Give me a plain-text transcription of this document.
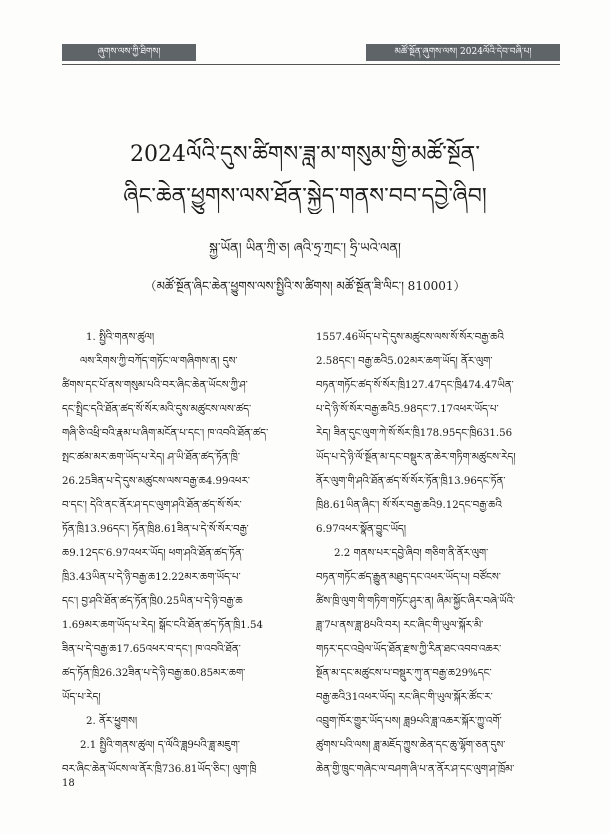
ཞུགས་ལས་ཀྱི་ཐིགས།	མཚོ་སྔོན་ཞུགས་ལས། 2024ལོའི་དེབ་བཞི་པ།
2024ལོའི་དུས་ཚིགས་ཟླ་མ་གསུམ་གྱི་མཚོ་སྔོན་
ཞིང་ཆེན་ཕྱུགས་ལས་ཐོན་སྐྱེད་གནས་བབ་དབྱེ་ཞིབ།
སྐྱ་ཡོན། ཡིན་ཀྲི་ཅ། ཞའི་ཧྲ་ཀྲང་། ཧྲི་ཡའེ་ལན།
（མཚོ་སྔོན་ཞིང་ཆེན་ཕྱུགས་ལས་སྤྱིའི་ས་ཚིགས། མཚོ་སྔོན་ཟི་ལིང་། 810001）
1. སྤྱིའི་གནས་ཚུལ།
ལས་རིགས་ཀྱི་བཀོད་གཏོང་ལ་གཞིགས་ན། དུས་
ཚིགས་དང་པོ་ནས་གསུམ་པའི་བར་ཞིང་ཆེན་ཡོངས་ཀྱི་ཤ་
དང་སྤྲིང་དའི་ཐོན་ཚད་སོ་སོར་མའི་དུས་མཚུངས་ལས་ཚད་
གཞི་ཅི་འཕྲི་བའི་རྣམ་པ་ཞིག་མངོན་པ་དང་། ཁ་འབའི་ཐོན་ཚད་
སྤང་ཚམ་མར་ཆག་ཡོད་པ་རེད། ཤ་ཡི་ཐོན་ཚད་ཏོན་ཁྲི་
26.25ཟིན་པ་དེ་དུས་མཚུངས་ལས་བརྒྱ་ཆ4.99འཕར་
བ་དང་། དེའི་ནང་ནོར་ཤ་དང་ལུག་ཤའི་ཐོན་ཚད་སོ་སོར་
ཏོན་ཁྲི13.96དང་། ཏོན་ཁྲི8.61ཟིན་པ་དེ་སོ་སོར་བརྒྱ་
ཆ9.12དང་6.97འཕར་ཡོད། ཕག་ཤའི་ཐོན་ཚད་ཏོན་
ཁྲི3.43ཡིན་པ་དེ་ཉི་བརྒྱ་ཆ12.22མར་ཆག་ཡོད་པ་
དང་། བྱ་ཤའི་ཐོན་ཚད་ཏོན་ཁྲི0.25ཡིན་པ་དེ་ཉི་བརྒྱ་ཆ
1.69མར་ཆག་ཡོད་པ་རེད། སྒོང་ངའི་ཐོན་ཚད་ཏོན་ཁྲི1.54
ཟིན་པ་དེ་བརྒྱ་ཆ17.65འཕར་བ་དང་། ཁ་འབའི་ཐོན་
ཚད་ཏོན་ཁྲི26.32ཟིན་པ་དེ་ཉི་བརྒྱ་ཆ0.85མར་ཆག་
ཡོད་པ་རེད།
2. ནོར་ཕྱུགས།
2.1 སྤྱིའི་གནས་ཚུལ། ད་ལོའི་ཟླ9པའི་ཟླ་མཇུག་
བར་ཞིང་ཆེན་ཡོངས་ལ་ནོར་ཁྲི736.81ཡོད་ཅིང་། ལུག་ཁྲི
1557.46ཡོད་པ་དེ་དུས་མཚུངས་ལས་སོ་སོར་བརྒྱ་ཆའི
2.58དང་། བརྒྱ་ཆའི5.02མར་ཆག་ཡོད། ནོར་ལུག་
བཏན་གཏོང་ཚད་སོ་སོར་ཁྲི127.47དང་ཁྲི474.47ཡིན་
པ་དེ་ཉི་སོ་སོར་བརྒྱ་ཆའི5.98དང་7.17འཕར་ཡོད་པ་
རེད། ཟིན་དུང་ལུག་ཀེ་སོ་སོར་ཁྲི178.95དང་ཁྲི631.56
ཡོད་པ་དེ་ཉི་ལོ་སྔོན་མ་དང་བསྡུར་ན་ཆེར་གཏིག་མཚུངས་རེད།
ནོར་ལུག་གི་ཤའི་ཐོན་ཚད་སོ་སོར་ཏོན་ཁྲི13.96དང་ཏོན་
ཁྲི8.61ཡིན་ཞིང་། སོ་སོར་བརྒྱ་ཆའི9.12དང་བརྒྱ་ཆའི
6.97འཕར་སྣོན་བྱུང་ཡོད།
2.2 གནས་པར་དབྱེ་ཞིབ། གཅིག་ནི་ནོར་ལུག་
བཏན་གཏོང་ཚད་རྒྱུན་མཐུད་དང་འཕར་ཡོད་པ། བཙོངས་
ཚིས་ཁྲི་ལུག་གི་གཏིག་གཏོང་ཤུར་ན། ཞིམ་སྐྱོང་ཞིར་བཞེ་ཡོའི་
ཟླ་7པ་ནས་ཟླ་8པའི་བར། རང་ཞིང་གི་ཡུལ་སྐོར་མི་
གཏར་དང་འབྲེལ་ཡོད་ཐོན་རྫས་ཀྱི་རིན་ཐང་འབབ་འཆར་
སྔོན་མ་དང་མཚུངས་པ་བསྡུར་ཀུ་ན་བརྒྱ་ཆ29%དང་
བརྒྱ་ཆའི31འཕར་ཡོད། རང་ཞིང་གི་ཡུལ་སྐོར་ཚོང་ར་
འབྲུག་ཁོར་གྱུར་ཡོད་པས། ཟླ9པའི་ཟླ་འཆར་སྐོར་ཀྱུ་འགོ་
ཚུགས་པའི་ལས། ཟླ་མཇོད་ཀྱུས་ཆེན་དང་ཆུ་ལྷོག་ཅན་དུས་
ཆེན་གྱི་ཁྲུང་གཞེང་ལ་བཤག་ཞི་པ་ན་ནོར་ཤ་དང་ལུག་ཤ་ཁྲོམ་
18
